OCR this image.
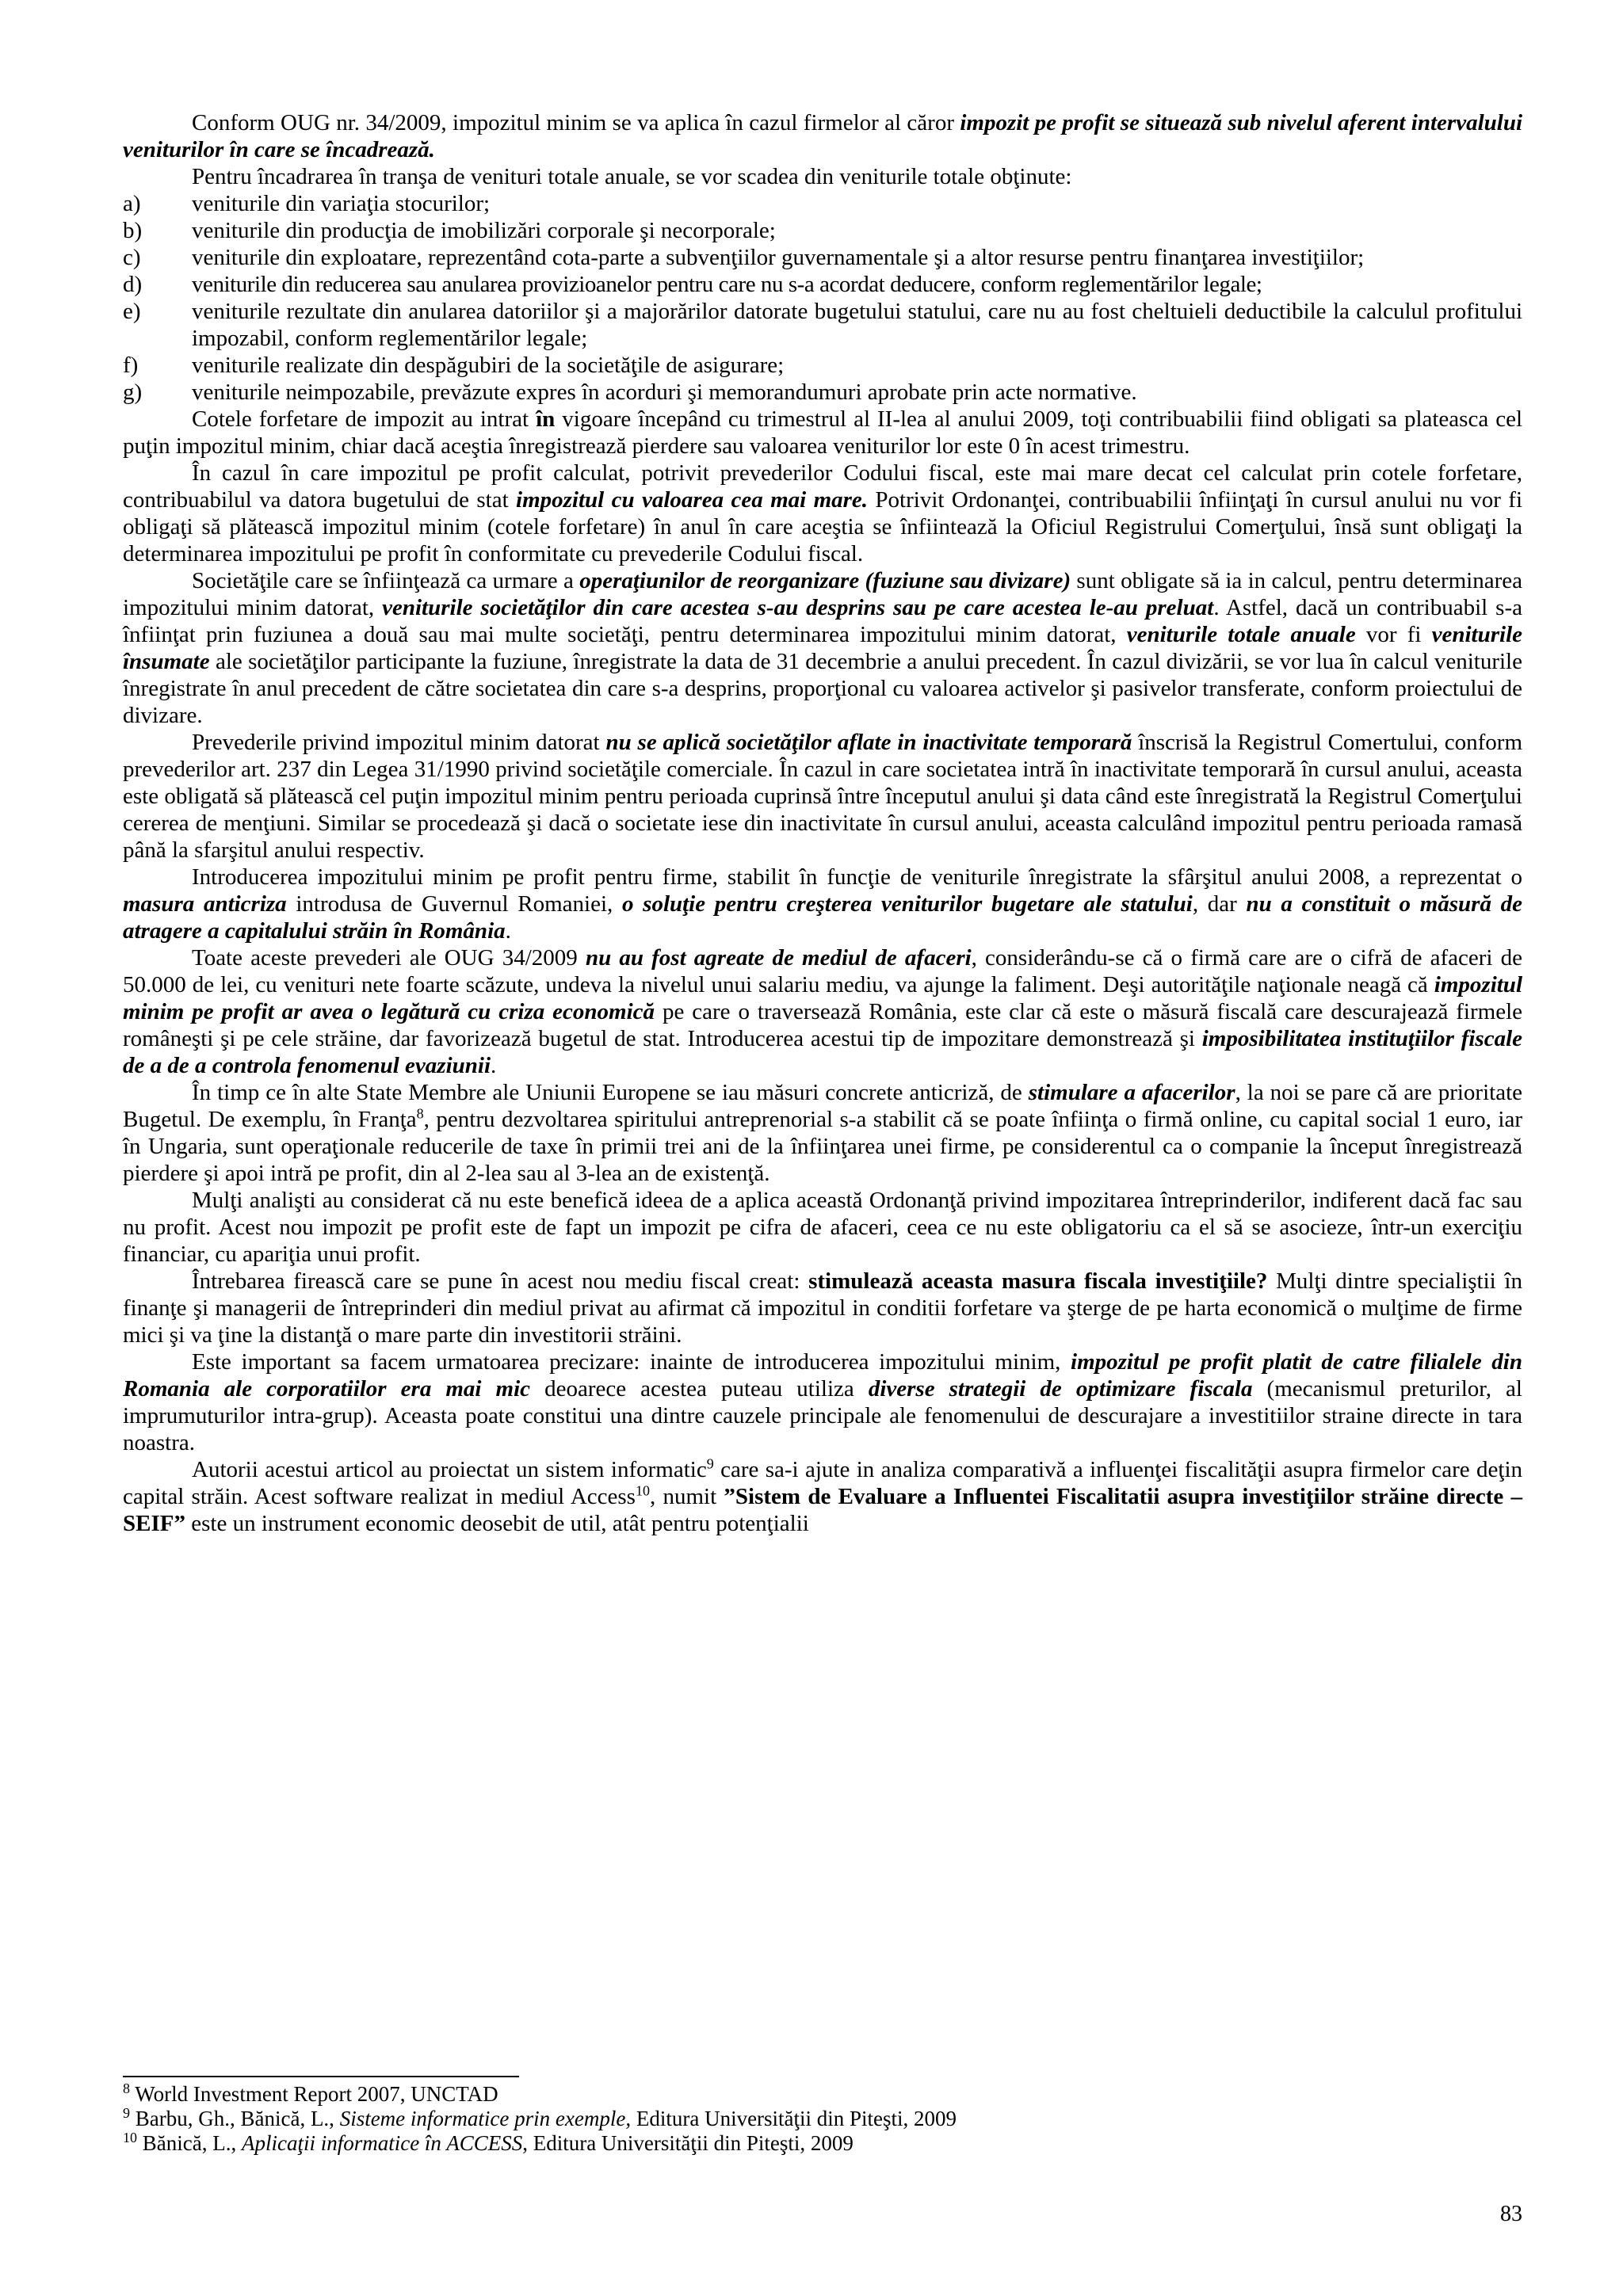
Conform OUG nr. 34/2009, impozitul minim se va aplica în cazul firmelor al căror impozit pe profit se situează sub nivelul aferent intervalului veniturilor în care se încadrează.

Pentru încadrarea în tranşa de venituri totale anuale, se vor scadea din veniturile totale obţinute:

a)	veniturile din variaţia stocurilor;
b)	veniturile din producţia de imobilizări corporale şi necorporale;
c)	veniturile din exploatare, reprezentând cota-parte a subvenţiilor guvernamentale şi a altor resurse pentru finanţarea investiţiilor;
d)	veniturile din reducerea sau anularea provizioanelor pentru care nu s-a acordat deducere, conform reglementărilor legale;
e)	veniturile rezultate din anularea datoriilor şi a majorărilor datorate bugetului statului, care nu au fost cheltuieli deductibile la calculul profitului impozabil, conform reglementărilor legale;
f)	veniturile realizate din despăgubiri de la societăţile de asigurare;
g)	veniturile neimpozabile, prevăzute expres în acorduri şi memorandumuri aprobate prin acte normative.

Cotele forfetare de impozit au intrat în vigoare începând cu trimestrul al II-lea al anului 2009, toţi contribuabilii fiind obligati sa plateasca cel puţin impozitul minim, chiar dacă aceştia înregistrează pierdere sau valoarea veniturilor lor este 0 în acest trimestru.

În cazul în care impozitul pe profit calculat, potrivit prevederilor Codului fiscal, este mai mare decat cel calculat prin cotele forfetare, contribuabilul va datora bugetului de stat impozitul cu valoarea cea mai mare. Potrivit Ordonanţei, contribuabilii înfiinţaţi în cursul anului nu vor fi obligaţi să plătească impozitul minim (cotele forfetare) în anul în care aceştia se înfiintează la Oficiul Registrului Comerţului, însă sunt obligaţi la determinarea impozitului pe profit în conformitate cu prevederile Codului fiscal.

Societăţile care se înfiinţează ca urmare a operaţiunilor de reorganizare (fuziune sau divizare) sunt obligate să ia in calcul, pentru determinarea impozitului minim datorat, veniturile societăţilor din care acestea s-au desprins sau pe care acestea le-au preluat. Astfel, dacă un contribuabil s-a înfiinţat prin fuziunea a două sau mai multe societăţi, pentru determinarea impozitului minim datorat, veniturile totale anuale vor fi veniturile însumate ale societăţilor participante la fuziune, înregistrate la data de 31 decembrie a anului precedent. În cazul divizării, se vor lua în calcul veniturile înregistrate în anul precedent de către societatea din care s-a desprins, proporţional cu valoarea activelor şi pasivelor transferate, conform proiectului de divizare.

Prevederile privind impozitul minim datorat nu se aplică societăţilor aflate in inactivitate temporară înscrisă la Registrul Comertului, conform prevederilor art. 237 din Legea 31/1990 privind societăţile comerciale. În cazul in care societatea intră în inactivitate temporară în cursul anului, aceasta este obligată să plătească cel puţin impozitul minim pentru perioada cuprinsă între începutul anului şi data când este înregistrată la Registrul Comerţului cererea de menţiuni. Similar se procedează şi dacă o societate iese din inactivitate în cursul anului, aceasta calculând impozitul pentru perioada ramasă până la sfarşitul anului respectiv.

Introducerea impozitului minim pe profit pentru firme, stabilit în funcţie de veniturile înregistrate la sfârşitul anului 2008, a reprezentat o masura anticriza introdusa de Guvernul Romaniei, o soluţie pentru creşterea veniturilor bugetare ale statului, dar nu a constituit o măsură de atragere a capitalului străin în România.

Toate aceste prevederi ale OUG 34/2009 nu au fost agreate de mediul de afaceri, considerându-se că o firmă care are o cifră de afaceri de 50.000 de lei, cu venituri nete foarte scăzute, undeva la nivelul unui salariu mediu, va ajunge la faliment. Deşi autorităţile naţionale neagă că impozitul minim pe profit ar avea o legătură cu criza economică pe care o traversează România, este clar că este o măsură fiscală care descurajează firmele româneşti şi pe cele străine, dar favorizează bugetul de stat. Introducerea acestui tip de impozitare demonstrează şi imposibilitatea instituţiilor fiscale de a de a controla fenomenul evaziunii.

În timp ce în alte State Membre ale Uniunii Europene se iau măsuri concrete anticriză, de stimulare a afacerilor, la noi se pare că are prioritate Bugetul. De exemplu, în Franţa$^8$, pentru dezvoltarea spiritului antreprenorial s-a stabilit că se poate înfiinţa o firmă online, cu capital social 1 euro, iar în Ungaria, sunt operaţionale reducerile de taxe în primii trei ani de la înfiinţarea unei firme, pe considerentul ca o companie la început înregistrează pierdere şi apoi intră pe profit, din al 2-lea sau al 3-lea an de existenţă.

Mulţi analişti au considerat că nu este benefică ideea de a aplica această Ordonanţă privind impozitarea întreprinderilor, indiferent dacă fac sau nu profit. Acest nou impozit pe profit este de fapt un impozit pe cifra de afaceri, ceea ce nu este obligatoriu ca el să se asocieze, într-un exerciţiu financiar, cu apariţia unui profit.

Întrebarea firească care se pune în acest nou mediu fiscal creat: stimulează aceasta masura fiscala investiţiile? Mulţi dintre specialiştii în finanţe şi managerii de întreprinderi din mediul privat au afirmat că impozitul in conditii forfetare va şterge de pe harta economică o mulţime de firme mici şi va ţine la distanţă o mare parte din investitorii străini.

Este important sa facem urmatoarea precizare: inainte de introducerea impozitului minim, impozitul pe profit platit de catre filialele din Romania ale corporatiilor era mai mic deoarece acestea puteau utiliza diverse strategii de optimizare fiscala (mecanismul preturilor, al imprumuturilor intra-grup). Aceasta poate constitui una dintre cauzele principale ale fenomenului de descurajare a investitiilor straine directe in tara noastra.

Autorii acestui articol au proiectat un sistem informatic$^9$ care sa-i ajute in analiza comparativă a influenţei fiscalităţii asupra firmelor care deţin capital străin. Acest software realizat in mediul Access$^{10}$, numit ”Sistem de Evaluare a Influentei Fiscalitatii asupra investiţiilor străine directe – SEIF” este un instrument economic deosebit de util, atât pentru potenţialii

$^8$ World Investment Report 2007, UNCTAD

$^9$ Barbu, Gh., Bănică, L., Sisteme informatice prin exemple, Editura Universităţii din Piteşti, 2009

$^{10}$ Bănică, L., Aplicaţii informatice în ACCESS, Editura Universităţii din Piteşti, 2009

83
